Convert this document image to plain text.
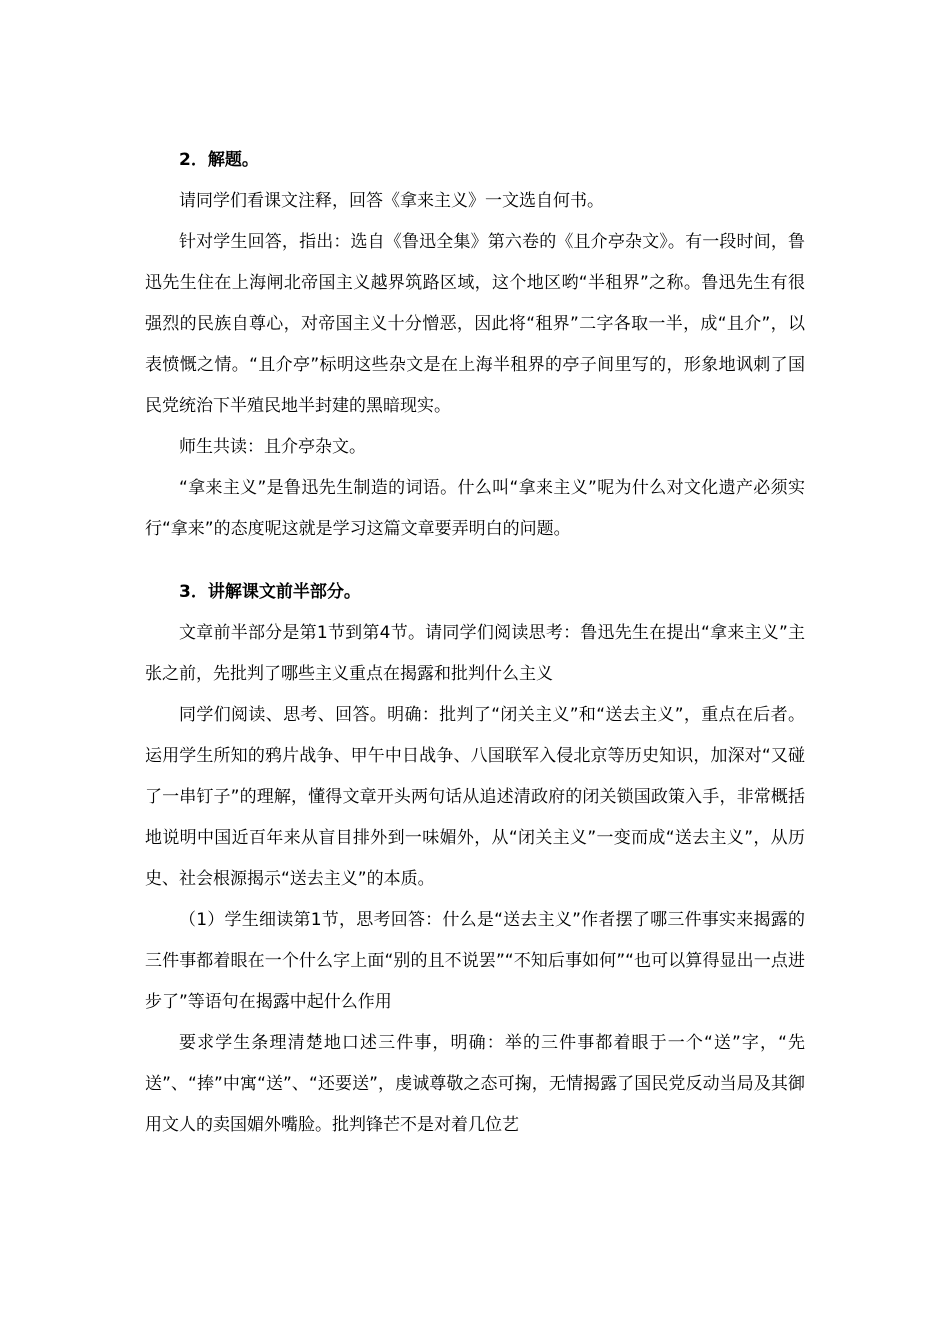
2．解题。

请同学们看课文注释，回答《拿来主义》一文选自何书。

针对学生回答，指出：选自《鲁迅全集》第六卷的《且介亭杂文》。有一段时间，鲁迅先生住在上海闸北帝国主义越界筑路区域，这个地区哟“半租界”之称。鲁迅先生有很强烈的民族自尊心，对帝国主义十分憎恶，因此将“租界”二字各取一半，成“且介”，以表愤慨之情。“且介亭”标明这些杂文是在上海半租界的亭子间里写的，形象地讽刺了国民党统治下半殖民地半封建的黑暗现实。

师生共读：且介亭杂文。

“拿来主义”是鲁迅先生制造的词语。什么叫“拿来主义”呢为什么对文化遗产必须实行“拿来”的态度呢这就是学习这篇文章要弄明白的问题。

3．讲解课文前半部分。

文章前半部分是第1节到第4节。请同学们阅读思考：鲁迅先生在提出“拿来主义”主张之前，先批判了哪些主义重点在揭露和批判什么主义

同学们阅读、思考、回答。明确：批判了“闭关主义”和“送去主义”，重点在后者。运用学生所知的鸦片战争、甲午中日战争、八国联军入侵北京等历史知识，加深对“又碰了一串钉子”的理解，懂得文章开头两句话从追述清政府的闭关锁国政策入手，非常概括地说明中国近百年来从盲目排外到一味媚外，从“闭关主义”一变而成“送去主义”，从历史、社会根源揭示“送去主义”的本质。

（1）学生细读第1节，思考回答：什么是“送去主义”作者摆了哪三件事实来揭露的三件事都着眼在一个什么字上面“别的且不说罢”“不知后事如何”“也可以算得显出一点进步了”等语句在揭露中起什么作用

要求学生条理清楚地口述三件事，明确：举的三件事都着眼于一个“送”字，“先送”、“捧”中寓“送”、“还要送”，虔诚尊敬之态可掬，无情揭露了国民党反动当局及其御用文人的卖国媚外嘴脸。批判锋芒不是对着几位艺
